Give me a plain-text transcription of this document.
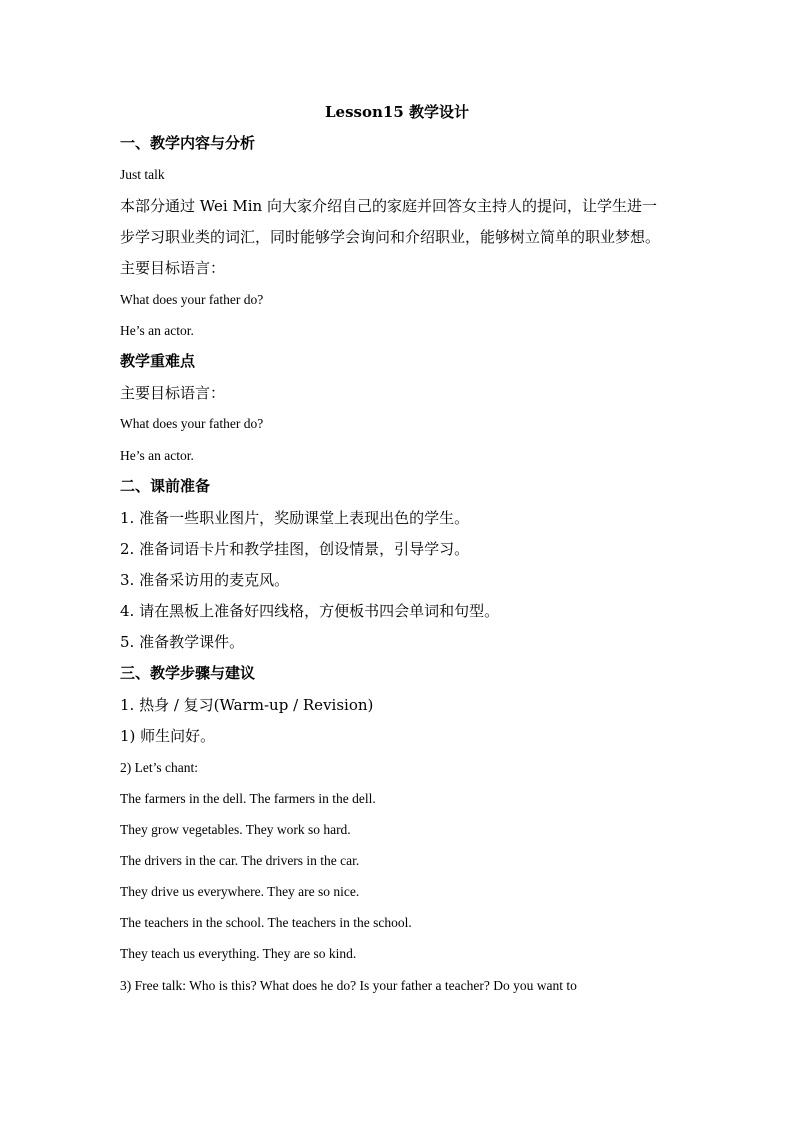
Lesson15 教学设计

一、教学内容与分析

Just talk

本部分通过 Wei Min 向大家介绍自己的家庭并回答女主持人的提问，让学生进一

步学习职业类的词汇，同时能够学会询问和介绍职业，能够树立简单的职业梦想。

主要目标语言：

What does your father do?

He’s an actor.

教学重难点

主要目标语言：

What does your father do?

He’s an actor.

二、课前准备

1. 准备一些职业图片，奖励课堂上表现出色的学生。

2. 准备词语卡片和教学挂图，创设情景，引导学习。

3. 准备采访用的麦克风。

4. 请在黑板上准备好四线格，方便板书四会单词和句型。

5. 准备教学课件。

三、教学步骤与建议

1. 热身 / 复习(Warm-up / Revision)

1) 师生问好。

2) Let’s chant:

The farmers in the dell. The farmers in the dell.

They grow vegetables. They work so hard.

The drivers in the car. The drivers in the car.

They drive us everywhere. They are so nice.

The teachers in the school. The teachers in the school.

They teach us everything. They are so kind.

3) Free talk: Who is this? What does he do? Is your father a teacher? Do you want to
